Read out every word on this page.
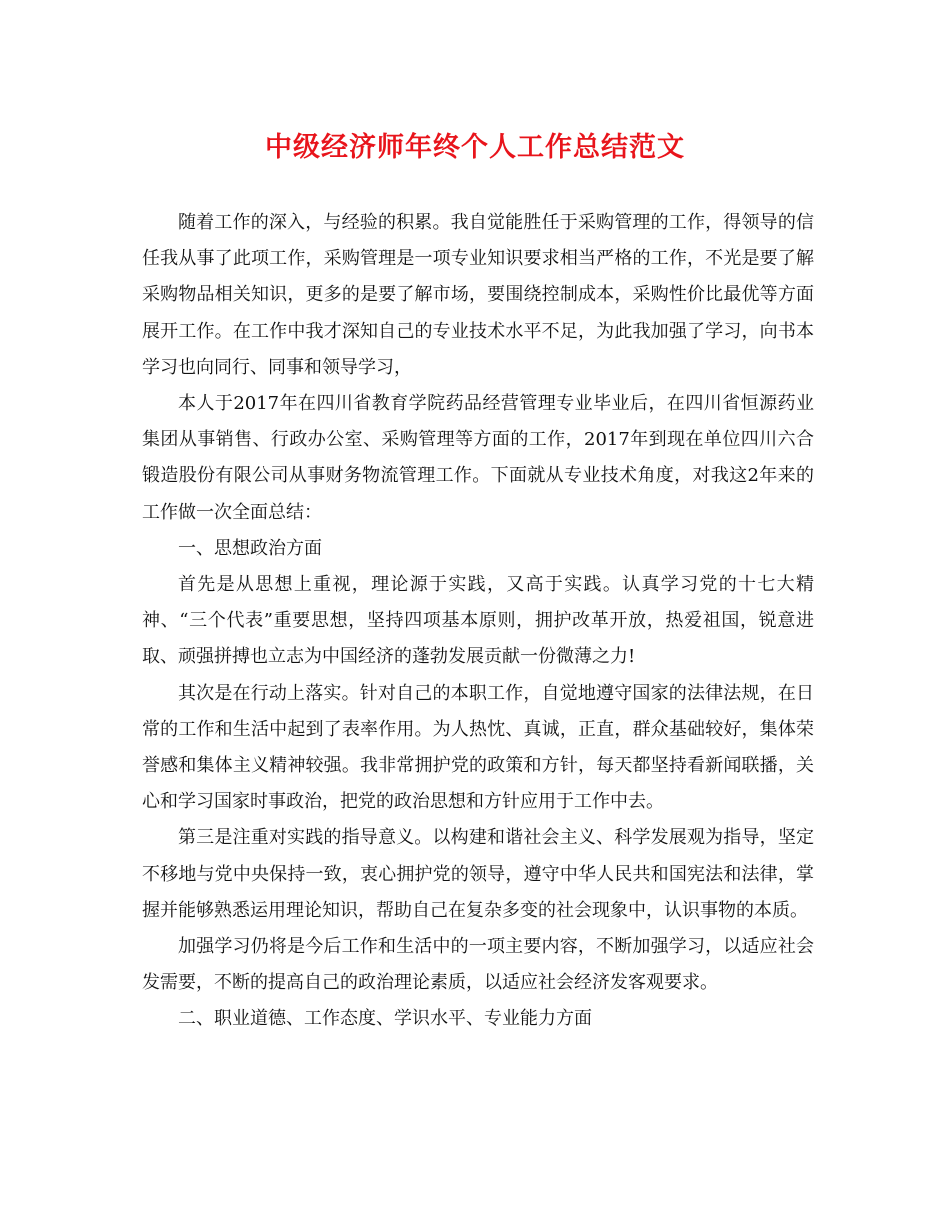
中级经济师年终个人工作总结范文

随着工作的深入，与经验的积累。我自觉能胜任于采购管理的工作，得领导的信任我从事了此项工作，采购管理是一项专业知识要求相当严格的工作，不光是要了解采购物品相关知识，更多的是要了解市场，要围绕控制成本，采购性价比最优等方面展开工作。在工作中我才深知自己的专业技术水平不足，为此我加强了学习，向书本学习也向同行、同事和领导学习，

本人于2017年在四川省教育学院药品经营管理专业毕业后，在四川省恒源药业集团从事销售、行政办公室、采购管理等方面的工作，2017年到现在单位四川六合锻造股份有限公司从事财务物流管理工作。下面就从专业技术角度，对我这2年来的工作做一次全面总结：

一、思想政治方面

首先是从思想上重视，理论源于实践，又高于实践。认真学习党的十七大精神、“三个代表”重要思想，坚持四项基本原则，拥护改革开放，热爱祖国，锐意进取、顽强拼搏也立志为中国经济的蓬勃发展贡献一份微薄之力!

其次是在行动上落实。针对自己的本职工作，自觉地遵守国家的法律法规，在日常的工作和生活中起到了表率作用。为人热忱、真诚，正直，群众基础较好，集体荣誉感和集体主义精神较强。我非常拥护党的政策和方针，每天都坚持看新闻联播，关心和学习国家时事政治，把党的政治思想和方针应用于工作中去。

第三是注重对实践的指导意义。以构建和谐社会主义、科学发展观为指导，坚定不移地与党中央保持一致，衷心拥护党的领导，遵守中华人民共和国宪法和法律，掌握并能够熟悉运用理论知识，帮助自己在复杂多变的社会现象中，认识事物的本质。

加强学习仍将是今后工作和生活中的一项主要内容，不断加强学习，以适应社会发需要，不断的提高自己的政治理论素质，以适应社会经济发客观要求。

二、职业道德、工作态度、学识水平、专业能力方面
